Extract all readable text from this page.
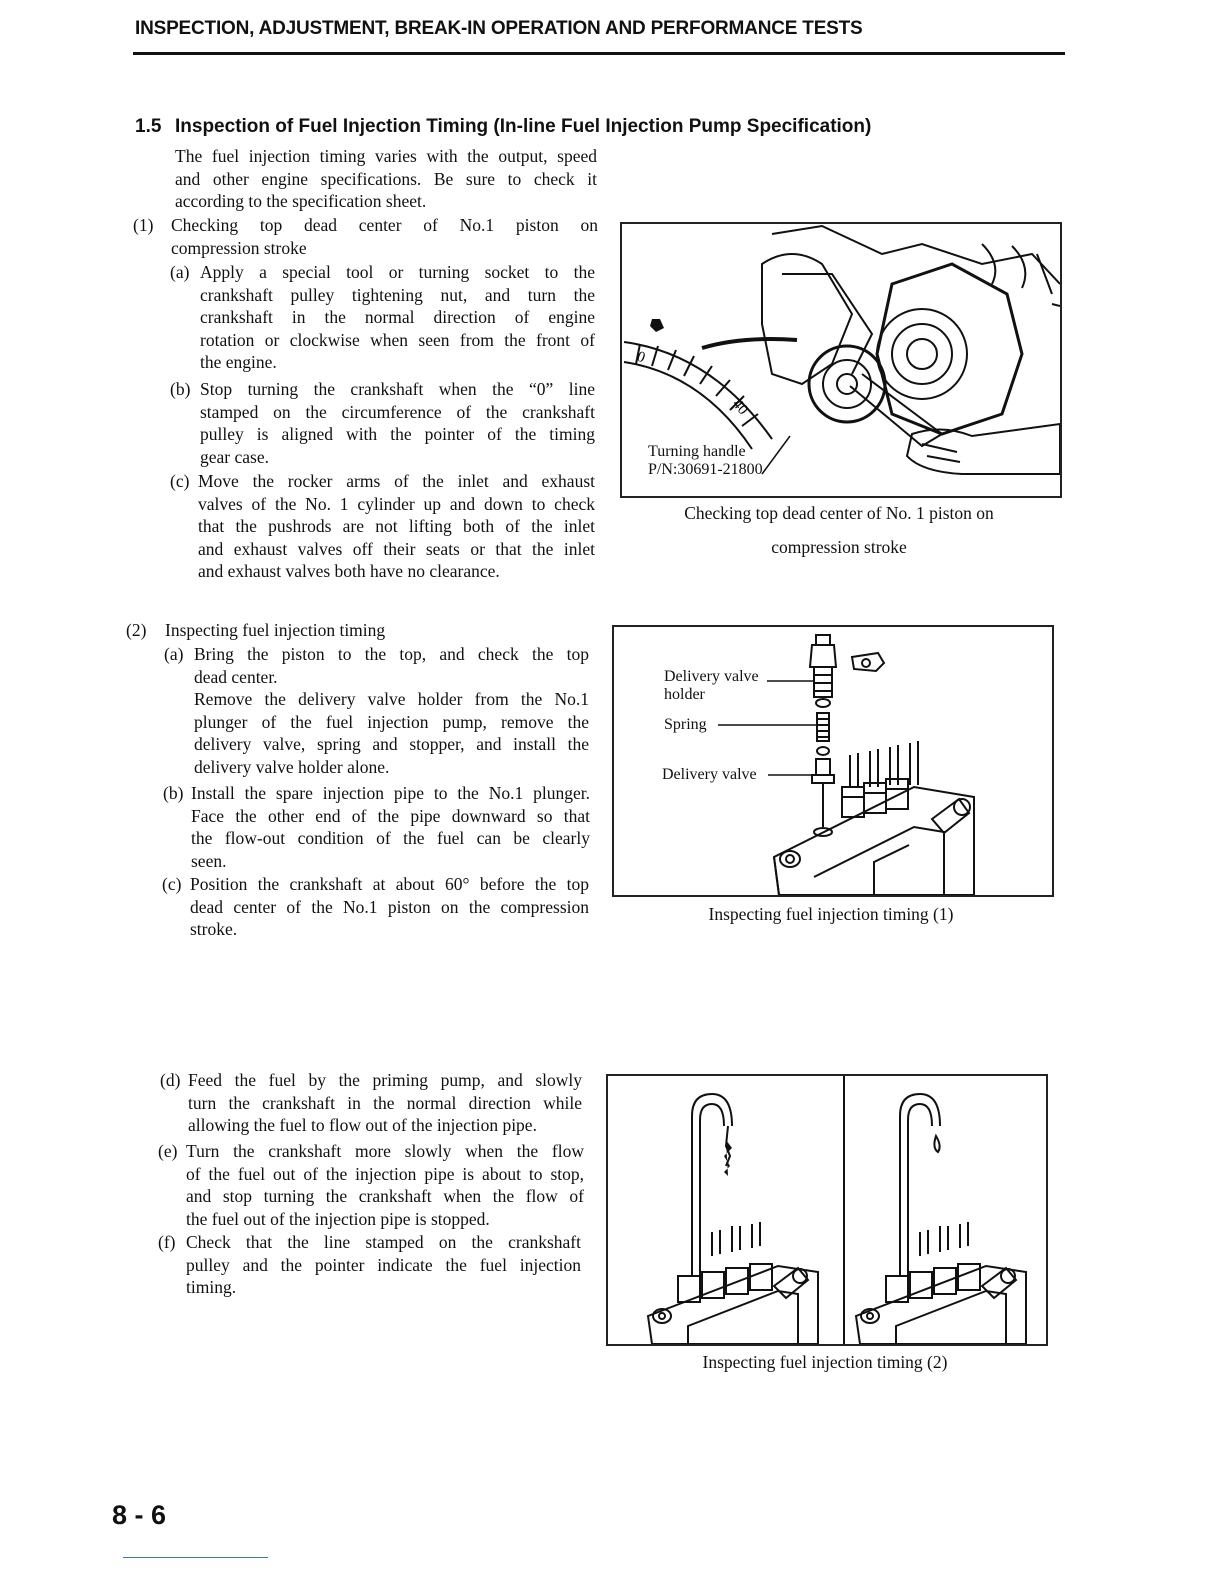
INSPECTION, ADJUSTMENT, BREAK-IN OPERATION AND PERFORMANCE TESTS
1.5 Inspection of Fuel Injection Timing (In-line Fuel Injection Pump Specification)

The fuel injection timing varies with the output, speed

and other engine specifications. Be sure to check it

according to the specification sheet.

(1) Checking top dead center of No.1 piston on

compression stroke

(a) Apply a special tool or turning socket to the

crankshaft pulley tightening nut, and turn the

crankshaft in the normal direction of engine

rotation or clockwise when seen from the front of

the engine.

(b) Stop turning the crankshaft when the “0” line

stamped on the circumference of the crankshaft

pulley is aligned with the pointer of the timing

gear case.

(c) Move the rocker arms of the inlet and exhaust

valves of the No. 1 cylinder up and down to check

that the pushrods are not lifting both of the inlet

and exhaust valves off their seats or that the inlet

and exhaust valves both have no clearance.

0
40
Turning handle
P/N:30691-21800
Checking top dead center of No. 1 piston on
compression stroke
(2) Inspecting fuel injection timing
(a) Bring the piston to the top, and check the top

dead center.

Remove the delivery valve holder from the No.1

plunger of the fuel injection pump, remove the

delivery valve, spring and stopper, and install the

delivery valve holder alone.

(b) Install the spare injection pipe to the No.1 plunger.

Face the other end of the pipe downward so that

the flow-out condition of the fuel can be clearly

seen.

(c) Position the crankshaft at about 60° before the top

dead center of the No.1 piston on the compression

stroke.

Delivery valve
holder
Spring
Delivery valve
Inspecting fuel injection timing (1)
(d) Feed the fuel by the priming pump, and slowly

turn the crankshaft in the normal direction while

allowing the fuel to flow out of the injection pipe.

(e) Turn the crankshaft more slowly when the flow

of the fuel out of the injection pipe is about to stop,

and stop turning the crankshaft when the flow of

the fuel out of the injection pipe is stopped.

(f) Check that the line stamped on the crankshaft

pulley and the pointer indicate the fuel injection

timing.

Inspecting fuel injection timing (2)
8 - 6
